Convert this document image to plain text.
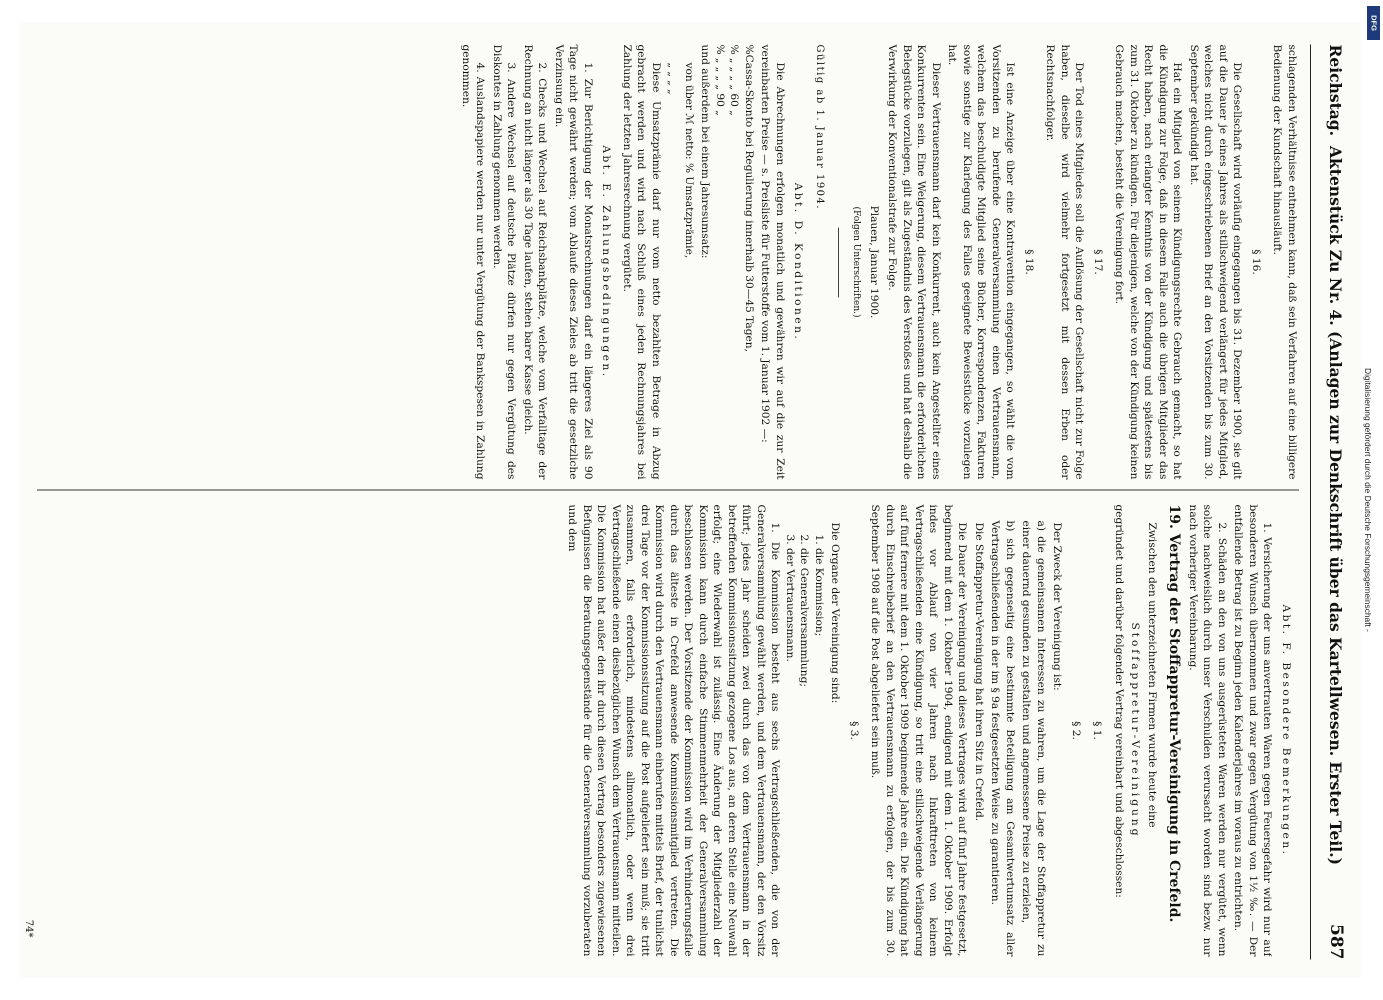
Reichstag.
Aktenstück Zu Nr. 4. (Anlagen zur Denkschrift über das Kartellwesen. Erster Teil.)
587

schlagenden Verhältnisse entnehmen kann, daß sein Verfahren auf eine billigere Bedienung der Kundschaft hinausläuft.

§ 16.

Die Gesellschaft wird vorläufig eingegangen bis 31. Dezember 1900, sie gilt auf die Dauer je eines Jahres als stillschweigend verlängert für jedes Mitglied, welches nicht durch eingeschriebenen Brief an den Vorsitzenden bis zum 30. September gekündigt hat.

Hat ein Mitglied von seinem Kündigungsrechte Gebrauch gemacht, so hat die Kündigung zur Folge, daß in diesem Falle auch die übrigen Mitglieder das Recht haben, nach erlangter Kenntnis von der Kündigung und spätestens bis zum 31. Oktober zu kündigen. Für diejenigen, welche von der Kündigung keinen Gebrauch machen, besteht die Vereinigung fort.

§ 17.

Der Tod eines Mitgliedes soll die Auflösung der Gesellschaft nicht zur Folge haben, dieselbe wird vielmehr fortgesetzt mit dessen Erben oder Rechtsnachfolger.

§ 18.

Ist eine Anzeige über eine Kontravention eingegangen, so wählt die vom Vorsitzenden zu berufende Generalversammlung einen Vertrauensmann, welchem das beschuldigte Mitglied seine Bücher, Korrespondenzen, Fakturen sowie sonstige zur Klarlegung des Falles geeignete Beweisstücke vorzulegen hat.

Dieser Vertrauensmann darf kein Konkurrent, auch kein Angestellter eines Konkurrenten sein. Eine Weigerung, diesem Vertrauensmann die erforderlichen Belegstücke vorzulegen, gilt als Zugeständnis des Verstoßes und hat deshalb die Verwirkung der Konventionalstrafe zur Folge.

Plauen, Januar 1900.
(Folgen Unterschriften.)
Gültig ab 1. Januar 1904.
Abt. D. Konditionen.

Die Abrechnungen erfolgen monatlich und gewähren wir auf die zur Zeit vereinbarten Preise — s. Preisliste für Futterstoffe vom 1. Januar 1902 —:

%Cassa-Skonto bei Regulierung innerhalb 30—45 Tagen,
% „ „ „ „ 60 „
% „ „ „ „ 90 „

und außerdem bei einem Jahresumsatz:

von über ℳ netto: % Umsatzprämie,

„ „ „ „

Diese Umsatzprämie darf nur vom netto bezahlten Betrage in Abzug gebracht werden und wird nach Schluß eines jeden Rechnungsjahres bei Zahlung der letzten Jahresrechnung vergütet.

Abt. E. Zahlungsbedingungen.

1. Zur Berichtigung der Monatsrechnungen darf ein längeres Ziel als 90 Tage nicht gewährt werden; vom Ablaufe dieses Zieles ab tritt die gesetzliche Verzinsung ein.

2. Checks und Wechsel auf Reichsbankplätze, welche vom Verfalltage der Rechnung an nicht länger als 30 Tage laufen, stehen barer Kasse gleich.

3. Andere Wechsel auf deutsche Plätze dürfen nur gegen Vergütung des Diskontes in Zahlung genommen werden.

4. Auslandspapiere werden nur unter Vergütung der Bankspesen in Zahlung genommen.

Abt. F. Besondere Bemerkungen.

1. Versicherung der uns anvertrauten Waren gegen Feuersgefahr wird nur auf besonderen Wunsch übernommen und zwar gegen Vergütung von 1½ ‰. — Der entfallende Betrag ist zu Beginn jeden Kalenderjahres im voraus zu entrichten.

2. Schäden an den von uns ausgerüsteten Waren werden nur vergütet, wenn solche nachweislich durch unser Verschulden verursacht worden sind bezw. nur nach vorheriger Vereinbarung.

19. Vertrag der Stoffappretur-Vereinigung in Crefeld.

Zwischen den unterzeichneten Firmen wurde heute eine

Stoffappretur-Vereinigung

gegründet und darüber folgender Vertrag vereinbart und abgeschlossen:

§ 1.
§ 2.

Der Zweck der Vereinigung ist:

a) die gemeinsamen Interessen zu wahren, um die Lage der Stoffappretur zu einer dauernd gesunden zu gestalten und angemessene Preise zu erzielen,

b) sich gegenseitig eine bestimmte Beteiligung am Gesamtwertumsatz aller Vertragschließenden in der im § 9a festgesetzten Weise zu garantieren.

Die Stoffappretur-Vereinigung hat ihren Sitz in Crefeld.

Die Dauer der Vereinigung und dieses Vertrages wird auf fünf Jahre festgesetzt, beginnend mit dem 1. Oktober 1904, endigend mit dem 1. Oktober 1909. Erfolgt indes vor Ablauf von vier Jahren nach Inkrafttreten von keinem Vertragschließenden eine Kündigung, so tritt eine stillschweigende Verlängerung auf fünf fernere mit dem 1. Oktober 1909 beginnende Jahre ein. Die Kündigung hat durch Einschreibebrief an den Vertrauensmann zu erfolgen, der bis zum 30. September 1908 auf die Post abgeliefert sein muß.

§ 3.

Die Organe der Vereinigung sind:

1. die Kommission;
2. die Generalversammlung;
3. der Vertrauensmann.

1. Die Kommission besteht aus sechs Vertragschließenden, die von der Generalversammlung gewählt werden, und dem Vertrauensmann, der den Vorsitz führt; jedes Jahr scheiden zwei durch das von dem Vertrauensmann in der betreffenden Kommissionssitzung gezogene Los aus, an deren Stelle eine Neuwahl erfolgt; eine Wiederwahl ist zulässig. Eine Änderung der Mitgliederzahl der Kommission kann durch einfache Stimmenmehrheit der Generalversammlung beschlossen werden. Der Vorsitzende der Kommission wird im Verhinderungsfalle durch das älteste in Crefeld anwesende Kommissionsmitglied vertreten. Die Kommission wird durch den Vertrauensmann einberufen mittels Brief, der tunlichst drei Tage vor der Kommissionssitzung auf die Post aufgeliefert sein muß; sie tritt zusammen, falls erforderlich, mindestens allmonatlich, oder wenn drei Vertragschließende einen diesbezüglichen Wunsch dem Vertrauensmann mitteilen. Die Kommission hat außer den ihr durch diesen Vertrag besonders zugewiesenen Befugnissen die Beratungsgegenstände für die Generalversammlung vorzuberaten und dem

74*
DFG
Digitalisierung gefördert durch die Deutsche Forschungsgemeinschaft -
